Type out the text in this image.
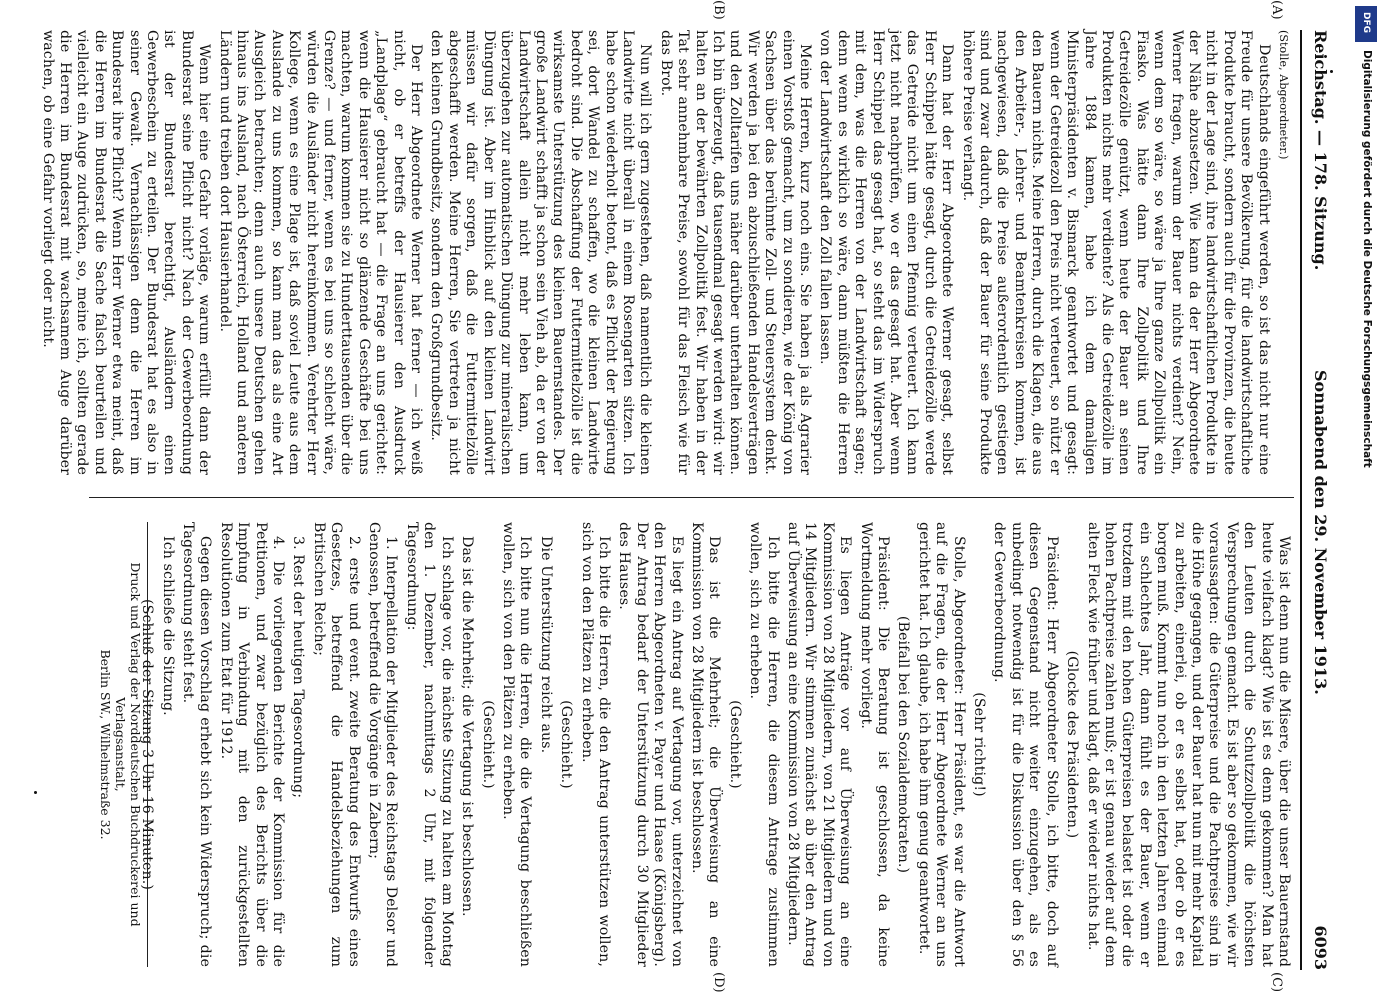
DFG
Digitalisierung gefördert durch die Deutsche Forschungsgemeinschaft
Reichstag. — 178. Sitzung.
Sonnabend den 29. November 1913.
6093
(A)
(B)
(C)
(D)

(Stolle, Abgeordneter.)

Deutschlands eingeführt werden, so ist das nicht nur eine Freude für unsere Bevölkerung, für die landwirtschaftliche Produkte braucht, sondern auch für die Provinzen, die heute nicht in der Lage sind, ihre landwirtschaftlichen Produkte in der Nähe abzusetzen. Wie kann da der Herr Abgeordnete Werner fragen, warum der Bauer nichts verdient? Nein, wenn dem so wäre, so wäre ja Ihre ganze Zollpolitik ein Fiasko. Was hätte dann Ihre Zollpolitik und Ihre Getreidezölle genützt, wenn heute der Bauer an seinen Produkten nichts mehr verdiente? Als die Getreidezölle im Jahre 1884 kamen, habe ich dem damaligen Ministerpräsidenten v. Bismarck geantwortet und gesagt: wenn der Getreidezoll den Preis nicht verteuert, so nützt er den Bauern nichts. Meine Herren, durch die Klagen, die aus den Arbeiter-, Lehrer- und Beamtenkreisen kommen, ist nachgewiesen, daß die Preise außerordentlich gestiegen sind und zwar dadurch, daß der Bauer für seine Produkte höhere Preise verlangt.

Dann hat der Herr Abgeordnete Werner gesagt, selbst Herr Schippel hätte gesagt, durch die Getreidezölle werde das Getreide nicht um einen Pfennig verteuert. Ich kann jetzt nicht nachprüfen, wo er das gesagt hat. Aber wenn Herr Schippel das gesagt hat, so steht das im Widerspruch mit dem, was die Herren von der Landwirtschaft sagen; denn wenn es wirklich so wäre, dann müßten die Herren von der Landwirtschaft den Zoll fallen lassen.

Meine Herren, kurz noch eins. Sie haben ja als Agrarier einen Vorstoß gemacht, um zu sondieren, wie der König von Sachsen über das berühmte Zoll- und Steuersystem denkt. Wir werden ja bei den abzuschließenden Handelsverträgen und den Zolltarifen uns näher darüber unterhalten können. Ich bin überzeugt, daß tausendmal gesagt werden wird: wir halten an der bewährten Zollpolitik fest. Wir haben in der Tat sehr annehmbare Preise, sowohl für das Fleisch wie für das Brot.

Nun will ich gern zugestehen, daß namentlich die kleinen Landwirte nicht überall in einem Rosengarten sitzen. Ich habe schon wiederholt betont, daß es Pflicht der Regierung sei, dort Wandel zu schaffen, wo die kleinen Landwirte bedroht sind. Die Abschaffung der Futtermittelzölle ist die wirksamste Unterstützung des kleinen Bauernstandes. Der große Landwirt schafft ja schon sein Vieh ab, da er von der Landwirtschaft allein nicht mehr leben kann, um überzugehen zur automatischen Düngung zur mineralischen Düngung ist. Aber im Hinblick auf den kleinen Landwirt müssen wir dafür sorgen, daß die Futtermittelzölle abgeschafft werden. Meine Herren, Sie vertreten ja nicht den kleinen Grundbesitz, sondern den Großgrundbesitz.

Der Herr Abgeordnete Werner hat ferner — ich weiß nicht, ob er betreffs der Hausierer den Ausdruck „Landplage“ gebraucht hat — die Frage an uns gerichtet: wenn die Hausierer nicht so glänzende Geschäfte bei uns machten, warum kommen sie zu Hunderttausenden über die Grenze? — und ferner, wenn es bei uns so schlecht wäre, würden die Ausländer nicht hereinkommen. Verehrter Herr Kollege, wenn es eine Plage ist, daß soviel Leute aus dem Auslande zu uns kommen, so kann man das als eine Art Ausgleich betrachten; denn auch unsere Deutschen gehen hinaus ins Ausland, nach Österreich, Holland und anderen Ländern und treiben dort Hausierhandel.

Wenn hier eine Gefahr vorläge, warum erfüllt dann der Bundesrat seine Pflicht nicht? Nach der Gewerbeordnung ist der Bundesrat berechtigt, Ausländern einen Gewerbeschein zu erteilen. Der Bundesrat hat es also in seiner Gewalt. Vernachlässigen denn die Herren im Bundesrat ihre Pflicht? Wenn Herr Werner etwa meint, daß die Herren im Bundesrat die Sache falsch beurteilen und vielleicht ein Auge zudrücken, so, meine ich, sollten gerade die Herren im Bundesrat mit wachsamem Auge darüber wachen, ob eine Gefahr vorliegt oder nicht.

Was ist denn nun die Misere, über die unser Bauernstand heute vielfach klagt? Wie ist es denn gekommen? Man hat den Leuten durch die Schutzzollpolitik die höchsten Versprechungen gemacht. Es ist aber so gekommen, wie wir voraussagten: die Güterpreise und die Pachtpreise sind in die Höhe gegangen, und der Bauer hat nun mit mehr Kapital zu arbeiten, einerlei, ob er es selbst hat, oder ob er es borgen muß. Kommt nun noch in den letzten Jahren einmal ein schlechtes Jahr, dann fühlt es der Bauer, wenn er trotzdem mit den hohen Güterpreisen belastet ist oder die hohen Pachtpreise zahlen muß; er ist genau wieder auf dem alten Fleck wie früher und klagt, daß er wieder nichts hat.

(Glocke des Präsidenten.)

Präsident: Herr Abgeordneter Stolle, ich bitte, doch auf diesen Gegenstand nicht weiter einzugehen, als es unbedingt notwendig ist für die Diskussion über den § 56 der Gewerbeordnung.

(Sehr richtig!)

Stolle, Abgeordneter: Herr Präsident, es war die Antwort auf die Fragen, die der Herr Abgeordnete Werner an uns gerichtet hat. Ich glaube, ich habe ihm genug geantwortet.

(Beifall bei den Sozialdemokraten.)

Präsident: Die Beratung ist geschlossen, da keine Wortmeldung mehr vorliegt.

Es liegen Anträge vor auf Überweisung an eine Kommission von 28 Mitgliedern, von 21 Mitgliedern und von 14 Mitgliedern. Wir stimmen zunächst ab über den Antrag auf Überweisung an eine Kommission von 28 Mitgliedern.

Ich bitte die Herren, die diesem Antrage zustimmen wollen, sich zu erheben.

(Geschieht.)

Das ist die Mehrheit; die Überweisung an eine Kommission von 28 Mitgliedern ist beschlossen.

Es liegt ein Antrag auf Vertagung vor, unterzeichnet von den Herren Abgeordneten v. Payer und Haase (Königsberg). Der Antrag bedarf der Unterstützung durch 30 Mitglieder des Hauses.

Ich bitte die Herren, die den Antrag unterstützen wollen, sich von den Plätzen zu erheben.

(Geschieht.)

Die Unterstützung reicht aus.

Ich bitte nun die Herren, die die Vertagung beschließen wollen, sich von den Plätzen zu erheben.

(Geschieht.)

Das ist die Mehrheit; die Vertagung ist beschlossen.

Ich schlage vor, die nächste Sitzung zu halten am Montag den 1. Dezember, nachmittags 2 Uhr, mit folgender Tagesordnung:

1. Interpellation der Mitglieder des Reichstags Delsor und Genossen, betreffend die Vorgänge in Zabern;

2. erste und event. zweite Beratung des Entwurfs eines Gesetzes, betreffend die Handelsbeziehungen zum Britischen Reiche;

3. Rest der heutigen Tagesordnung;

4. Die vorliegenden Berichte der Kommission für die Petitionen, und zwar bezüglich des Berichts über die Impfung in Verbindung mit den zurückgestellten Resolutionen zum Etat für 1912.

Gegen diesen Vorschlag erhebt sich kein Widerspruch; die Tagesordnung steht fest.

Ich schließe die Sitzung.

(Schluß der Sitzung 3 Uhr 16 Minuten.)

Druck und Verlag der Norddeutschen Buchdruckerei und Verlagsanstalt,
Berlin SW., Wilhelmstraße 32.
